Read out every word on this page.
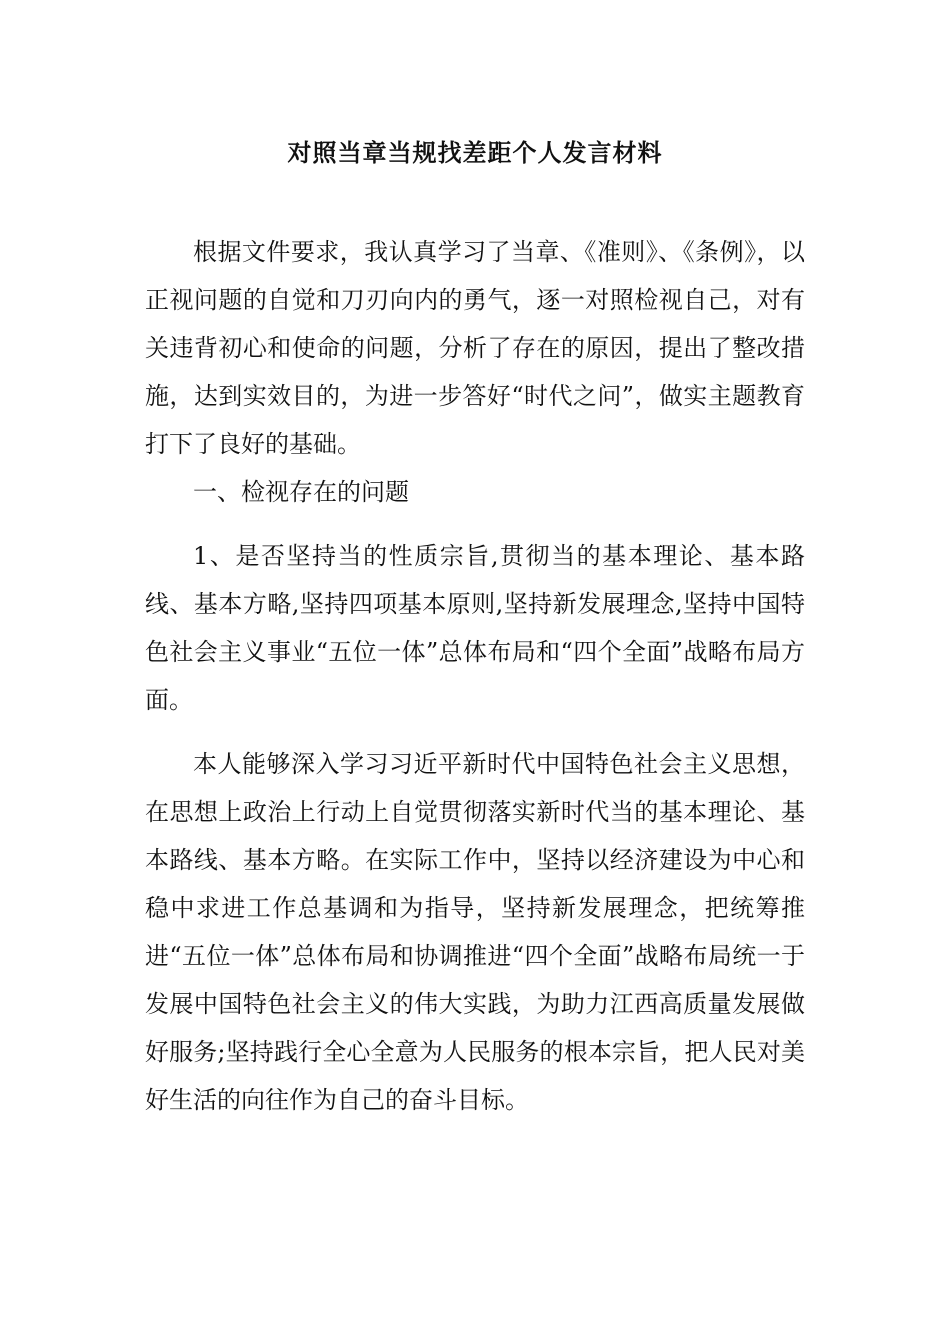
对照当章当规找差距个人发言材料

根据文件要求，我认真学习了当章、《准则》、《条例》，以正视问题的自觉和刀刃向内的勇气，逐一对照检视自己，对有关违背初心和使命的问题，分析了存在的原因，提出了整改措施，达到实效目的，为进一步答好“时代之问”，做实主题教育打下了良好的基础。

一、检视存在的问题

1、是否坚持当的性质宗旨,贯彻当的基本理论、基本路线、基本方略,坚持四项基本原则,坚持新发展理念,坚持中国特色社会主义事业“五位一体”总体布局和“四个全面”战略布局方面。

本人能够深入学习习近平新时代中国特色社会主义思想，在思想上政治上行动上自觉贯彻落实新时代当的基本理论、基本路线、基本方略。在实际工作中，坚持以经济建设为中心和稳中求进工作总基调和为指导，坚持新发展理念，把统筹推进“五位一体”总体布局和协调推进“四个全面”战略布局统一于发展中国特色社会主义的伟大实践，为助力江西高质量发展做好服务;坚持践行全心全意为人民服务的根本宗旨，把人民对美好生活的向往作为自己的奋斗目标。
